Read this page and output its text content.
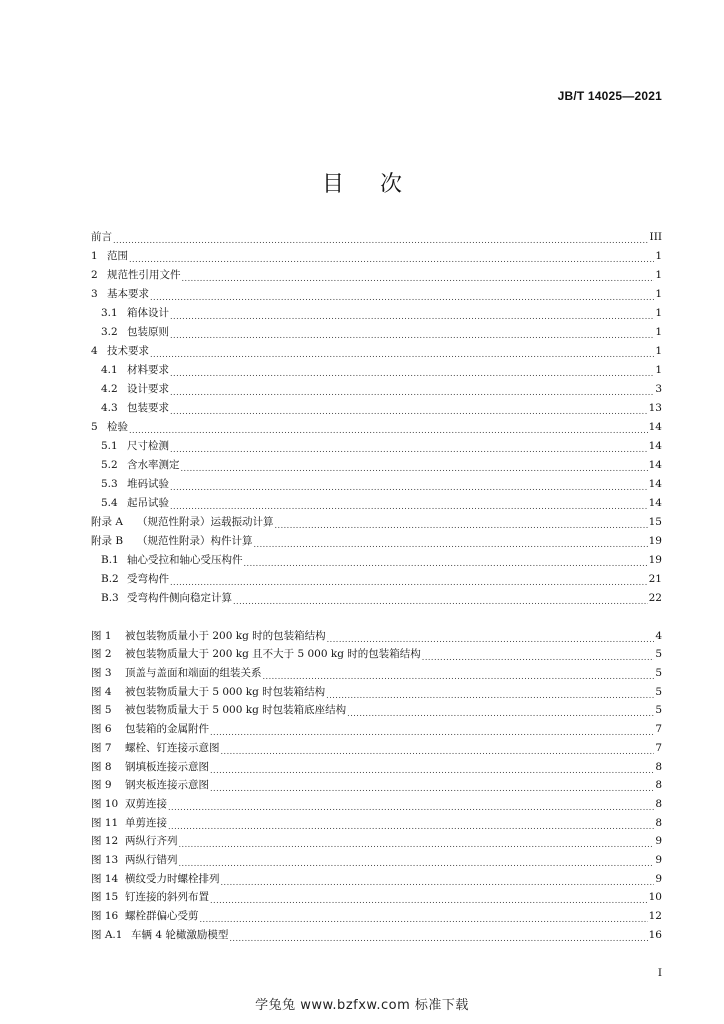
JB/T 14025—2021
目 次
前言 .....	III
1 范围 .....	1
2 规范性引用文件 .....	1
3 基本要求 .....	1
3.1 箱体设计 .....	1
3.2 包装原则 .....	1
4 技术要求 .....	1
4.1 材料要求 .....	1
4.2 设计要求 .....	3
4.3 包装要求 .....	13
5 检验 .....	14
5.1 尺寸检测 .....	14
5.2 含水率测定 .....	14
5.3 堆码试验 .....	14
5.4 起吊试验 .....	14
附录 A	（规范性附录）运载振动计算 .....	15
附录 B	（规范性附录）构件计算 .....	19
B.1 轴心受拉和轴心受压构件 .....	19
B.2 受弯构件 .....	21
B.3 受弯构件侧向稳定计算 .....	22
图 1	被包装物质量小于 200 kg 时的包装箱结构 .....	4
图 2	被包装物质量大于 200 kg 且不大于 5 000 kg 时的包装箱结构 .....	5
图 3	顶盖与盖面和端面的组装关系 .....	5
图 4	被包装物质量大于 5 000 kg 时包装箱结构 .....	5
图 5	被包装物质量大于 5 000 kg 时包装箱底座结构 .....	5
图 6	包装箱的金属附件 .....	7
图 7	螺栓、钉连接示意图 .....	7
图 8	钢填板连接示意图 .....	8
图 9	钢夹板连接示意图 .....	8
图 10 双剪连接 .....	8
图 11 单剪连接 .....	8
图 12 两纵行齐列 .....	9
图 13 两纵行错列 .....	9
图 14 横纹受力时螺栓排列 .....	9
图 15 钉连接的斜列布置 .....	10
图 16 螺栓群偏心受剪 .....	12
图 A.1 车辆 4 轮橄激励模型 .....	16
I
学兔兔 www.bzfxw.com 标准下载
